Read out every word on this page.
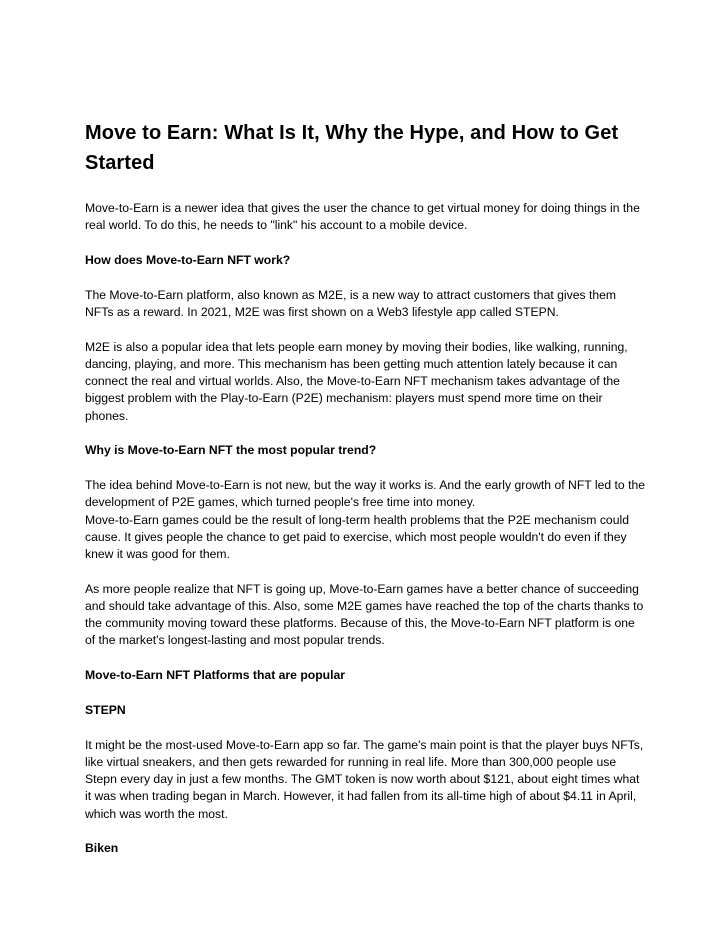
Move to Earn: What Is It, Why the Hype, and How to Get Started

Move-to-Earn is a newer idea that gives the user the chance to get virtual money for doing things in the real world. To do this, he needs to "link" his account to a mobile device.

How does Move-to-Earn NFT work?

The Move-to-Earn platform, also known as M2E, is a new way to attract customers that gives them NFTs as a reward. In 2021, M2E was first shown on a Web3 lifestyle app called STEPN.

M2E is also a popular idea that lets people earn money by moving their bodies, like walking, running, dancing, playing, and more. This mechanism has been getting much attention lately because it can connect the real and virtual worlds. Also, the Move-to-Earn NFT mechanism takes advantage of the biggest problem with the Play-to-Earn (P2E) mechanism: players must spend more time on their phones.

Why is Move-to-Earn NFT the most popular trend?

The idea behind Move-to-Earn is not new, but the way it works is. And the early growth of NFT led to the development of P2E games, which turned people's free time into money.

Move-to-Earn games could be the result of long-term health problems that the P2E mechanism could cause. It gives people the chance to get paid to exercise, which most people wouldn't do even if they knew it was good for them.

As more people realize that NFT is going up, Move-to-Earn games have a better chance of succeeding and should take advantage of this. Also, some M2E games have reached the top of the charts thanks to the community moving toward these platforms. Because of this, the Move-to-Earn NFT platform is one of the market's longest-lasting and most popular trends.

Move-to-Earn NFT Platforms that are popular

STEPN

It might be the most-used Move-to-Earn app so far. The game's main point is that the player buys NFTs, like virtual sneakers, and then gets rewarded for running in real life. More than 300,000 people use Stepn every day in just a few months. The GMT token is now worth about $121, about eight times what it was when trading began in March. However, it had fallen from its all-time high of about $4.11 in April, which was worth the most.

Biken
